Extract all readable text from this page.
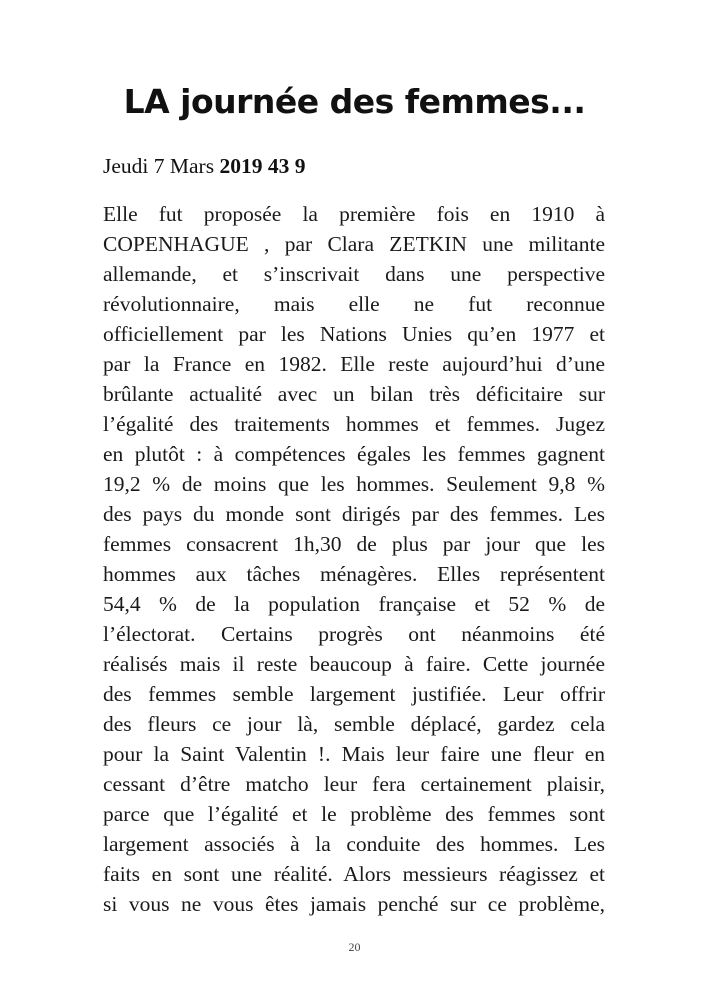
LA journée des femmes...
Jeudi 7 Mars 2019 43 9
Elle fut proposée la première fois en 1910 à
COPENHAGUE , par Clara ZETKIN une militante
allemande, et s’inscrivait dans une perspective
révolutionnaire, mais elle ne fut reconnue
officiellement par les Nations Unies qu’en 1977 et
par la France en 1982. Elle reste aujourd’hui d’une
brûlante actualité avec un bilan très déficitaire sur
l’égalité des traitements hommes et femmes. Jugez
en plutôt : à compétences égales les femmes gagnent
19,2 % de moins que les hommes. Seulement 9,8 %
des pays du monde sont dirigés par des femmes. Les
femmes consacrent 1h,30 de plus par jour que les
hommes aux tâches ménagères. Elles représentent
54,4 % de la population française et 52 % de
l’électorat. Certains progrès ont néanmoins été
réalisés mais il reste beaucoup à faire. Cette journée
des femmes semble largement justifiée. Leur offrir
des fleurs ce jour là, semble déplacé, gardez cela
pour la Saint Valentin !. Mais leur faire une fleur en
cessant d’être matcho leur fera certainement plaisir,
parce que l’égalité et le problème des femmes sont
largement associés à la conduite des hommes. Les
faits en sont une réalité. Alors messieurs réagissez et
si vous ne vous êtes jamais penché sur ce problème,
20
